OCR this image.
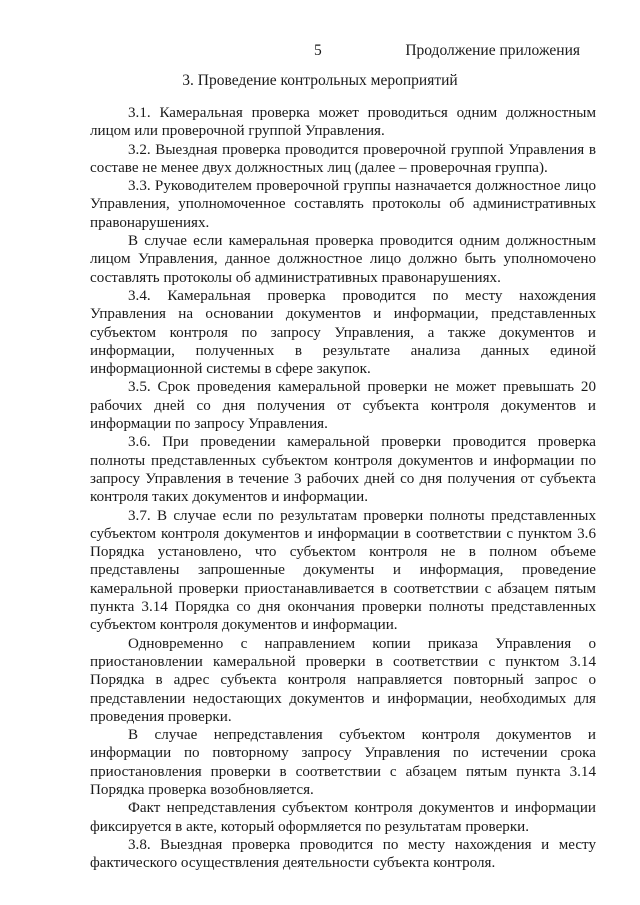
5	Продолжение приложения
3. Проведение контрольных мероприятий

3.1. Камеральная проверка может проводиться одним должностным лицом или проверочной группой Управления.

3.2. Выездная проверка проводится проверочной группой Управления в составе не менее двух должностных лиц (далее – проверочная группа).

3.3. Руководителем проверочной группы назначается должностное лицо Управления, уполномоченное составлять протоколы об административных правонарушениях.

В случае если камеральная проверка проводится одним должностным лицом Управления, данное должностное лицо должно быть уполномочено составлять протоколы об административных правонарушениях.

3.4. Камеральная проверка проводится по месту нахождения Управления на основании документов и информации, представленных субъектом контроля по запросу Управления, а также документов и информации, полученных в результате анализа данных единой информационной системы в сфере закупок.

3.5. Срок проведения камеральной проверки не может превышать 20 рабочих дней со дня получения от субъекта контроля документов и информации по запросу Управления.

3.6. При проведении камеральной проверки проводится проверка полноты представленных субъектом контроля документов и информации по запросу Управления в течение 3 рабочих дней со дня получения от субъекта контроля таких документов и информации.

3.7. В случае если по результатам проверки полноты представленных субъектом контроля документов и информации в соответствии с пунктом 3.6 Порядка установлено, что субъектом контроля не в полном объеме представлены запрошенные документы и информация, проведение камеральной проверки приостанавливается в соответствии с абзацем пятым пункта 3.14 Порядка со дня окончания проверки полноты представленных субъектом контроля документов и информации.

Одновременно с направлением копии приказа Управления о приостановлении камеральной проверки в соответствии с пунктом 3.14 Порядка в адрес субъекта контроля направляется повторный запрос о представлении недостающих документов и информации, необходимых для проведения проверки.

В случае непредставления субъектом контроля документов и информации по повторному запросу Управления по истечении срока приостановления проверки в соответствии с абзацем пятым пункта 3.14 Порядка проверка возобновляется.

Факт непредставления субъектом контроля документов и информации фиксируется в акте, который оформляется по результатам проверки.

3.8. Выездная проверка проводится по месту нахождения и месту фактического осуществления деятельности субъекта контроля.
